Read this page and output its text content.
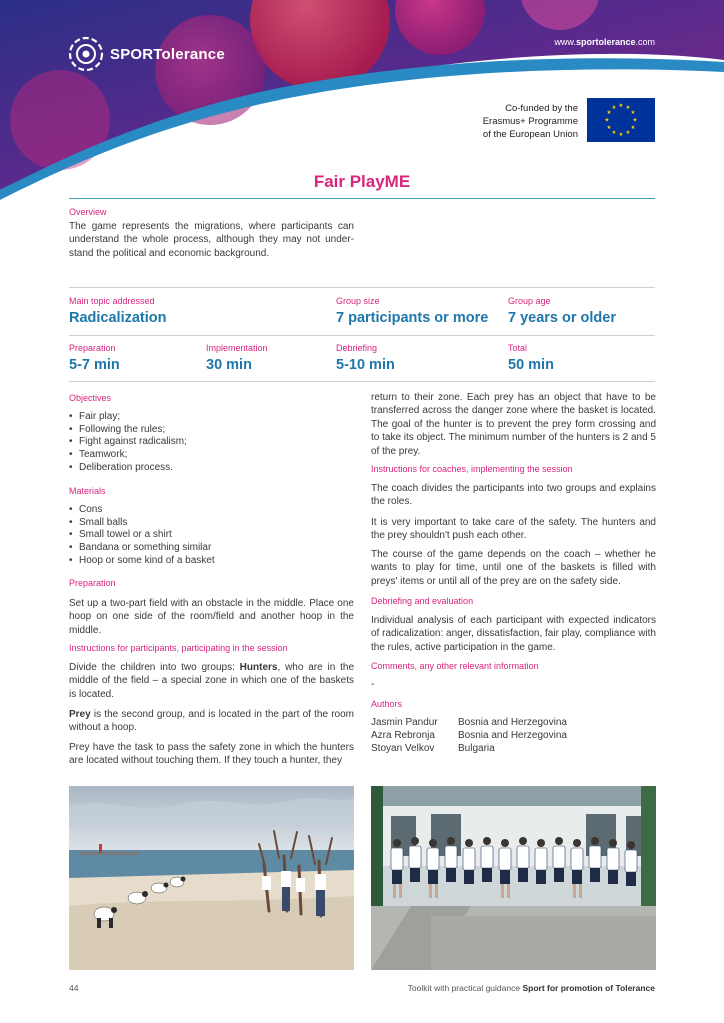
SPORTolerance
www.sportolerance.com
Co-funded by the
Erasmus+ Programme
of the European Union
★ ★
★
★
★
★
★
★
★
★
★
★
Fair PlayME
Overview
The game represents the migrations, where participants can understand the whole process, although they may not under-stand the political and economic background.
Main topic addressed
Radicalization
Group size
7 participants or more
Group age
7 years or older
Preparation
5-7 min
Implementation
30 min
Debriefing
5-10 min
Total
50 min
Objectives
• Fair play;
• Following the rules;
• Fight against radicalism;
• Teamwork;
• Deliberation process.
Materials
• Cons
• Small balls
• Small towel or a shirt
• Bandana or something similar
• Hoop or some kind of a basket
Preparation
Set up a two-part field with an obstacle in the middle. Place one hoop on one side of the room/field and another hoop in the middle.
Instructions for participants, participating in the session
Divide the children into two groups: Hunters, who are in the middle of the field – a special zone in which one of the baskets is located.
Prey is the second group, and is located in the part of the room without a hoop.
Prey have the task to pass the safety zone in which the hunters are located without touching them. If they touch a hunter, they
return to their zone. Each prey has an object that have to be transferred across the danger zone where the basket is located. The goal of the hunter is to prevent the prey form crossing and to take its object. The minimum number of the hunters is 2 and 5 of the prey.
Instructions for coaches, implementing the session
The coach divides the participants into two groups and explains the roles.
It is very important to take care of the safety. The hunters and the prey shouldn't push each other.
The course of the game depends on the coach – whether he wants to play for time, until one of the baskets is filled with preys' items or until all of the prey are on the safety side.
Debriefing and evaluation
Individual analysis of each participant with expected indicators of radicalization: anger, dissatisfaction, fair play, compliance with the rules, active participation in the game.
Comments, any other relevant information
-
Authors
Jasmin Pandur	Bosnia and Herzegovina
Azra Rebronja	Bosnia and Herzegovina
Stoyan Velkov	Bulgaria
44	Toolkit with practical guidance Sport for promotion of Tolerance
